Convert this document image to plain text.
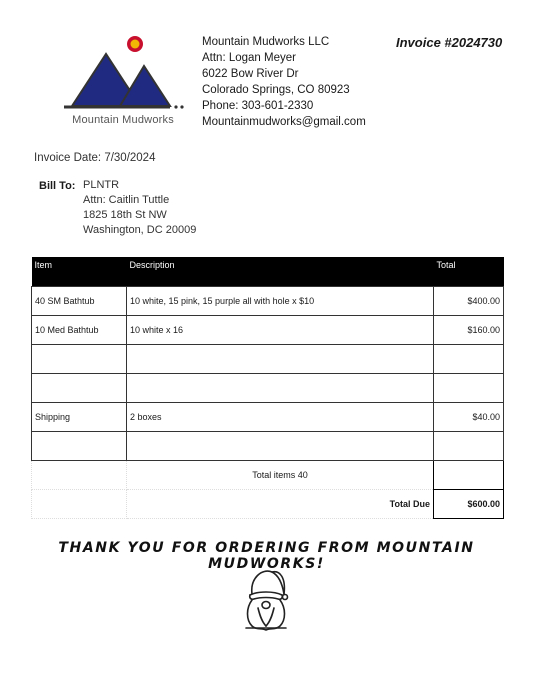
Mountain Mudworks
Mountain Mudworks LLC
Attn: Logan Meyer
6022 Bow River Dr
Colorado Springs, CO 80923
Phone: 303-601-2330
Mountainmudworks@gmail.com
Invoice #2024730
Invoice Date: 7/30/2024
Bill To: PLNTR
Attn: Caitlin Tuttle
1825 18th St NW
Washington, DC 20009
Item	Description	Total
40 SM Bathtub	10 white, 15 pink, 15 purple all with hole x $10	$400.00
10 Med Bathtub	10 white x 16	$160.00

Shipping	2 boxes	$40.00

	Total items 40	
	Total Due	$600.00
THANK YOU FOR ORDERING FROM MOUNTAIN MUDWORKS!
